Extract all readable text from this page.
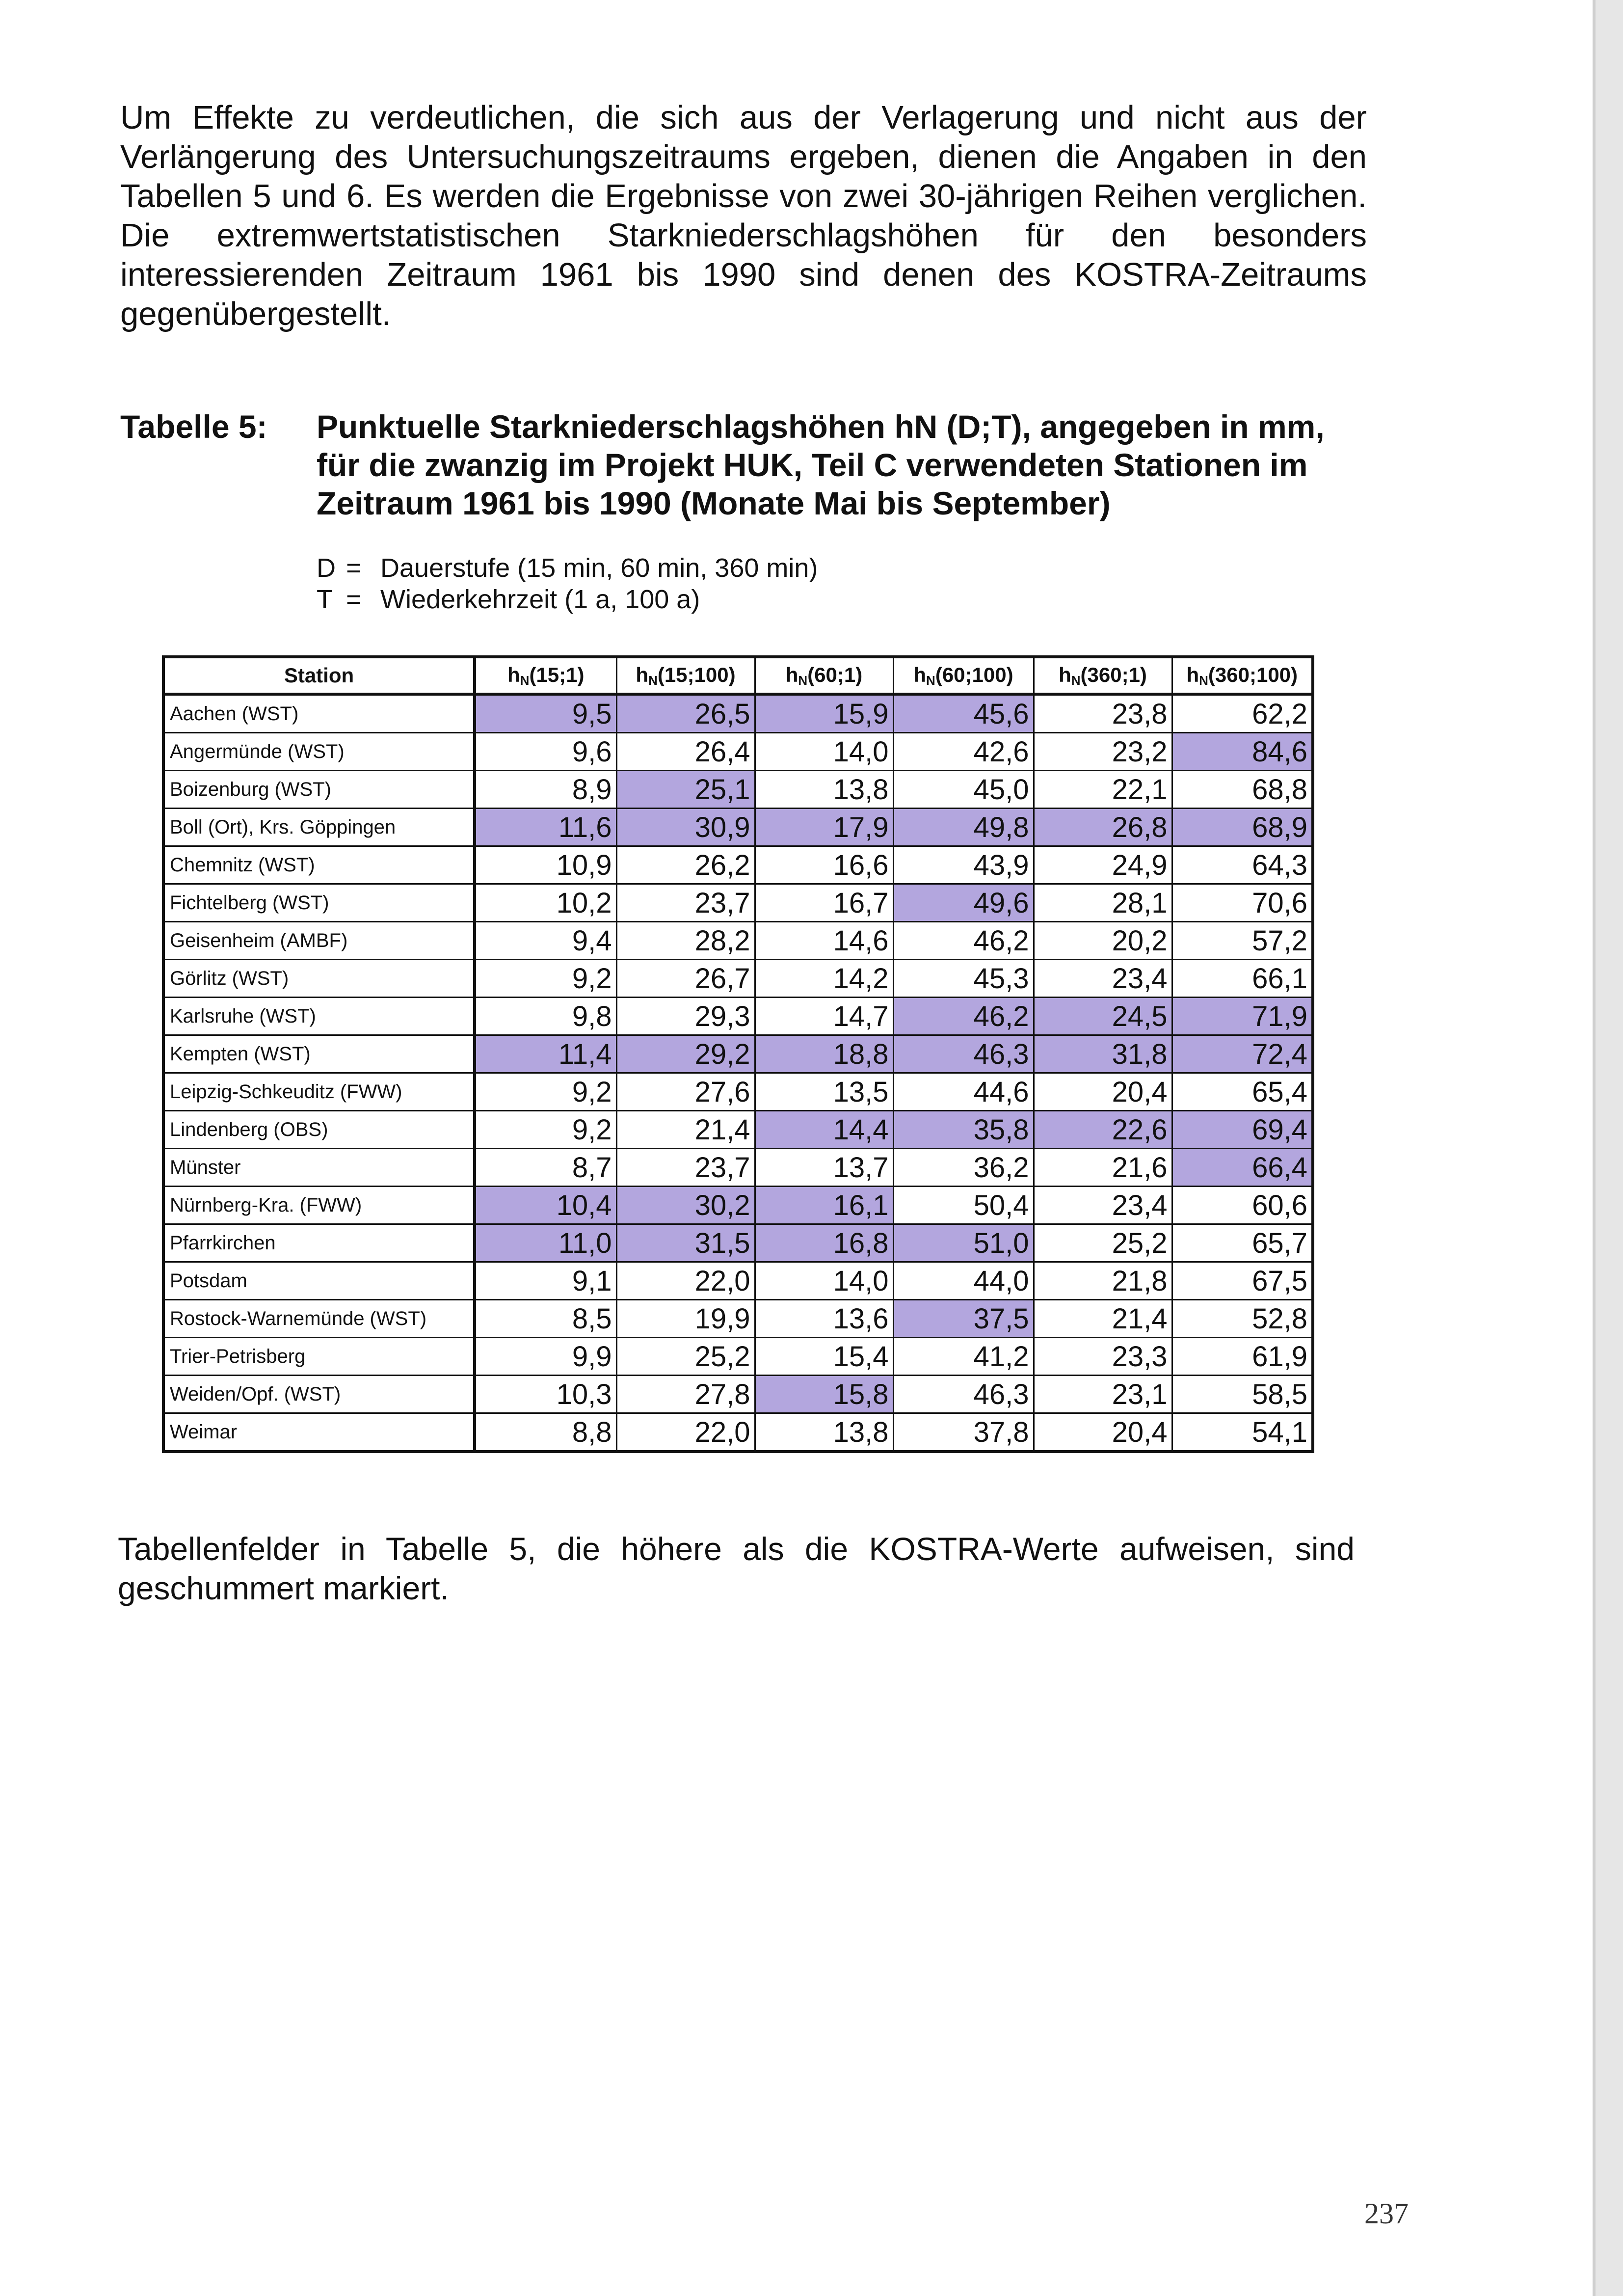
Um Effekte zu verdeutlichen, die sich aus der Verlagerung und nicht aus der Verlängerung des Untersuchungszeitraums ergeben, dienen die Angaben in den Tabellen 5 und 6. Es werden die Ergebnisse von zwei 30-jährigen Reihen verglichen. Die extremwertstatistischen Starkniederschlagshöhen für den besonders interessierenden Zeitraum 1961 bis 1990 sind denen des KOSTRA-Zeitraums gegenübergestellt.

Tabelle 5: Punktuelle Starkniederschlagshöhen hN (D;T), angegeben in mm, für die zwanzig im Projekt HUK, Teil C verwendeten Stationen im Zeitraum 1961 bis 1990 (Monate Mai bis September)

D = Dauerstufe (15 min, 60 min, 360 min)
T = Wiederkehrzeit (1 a, 100 a)
Station	$h_N(15;1)$	$h_N(15;100)$	$h_N(60;1)$	$h_N(60;100)$	$h_N(360;1)$	$h_N(360;100)$
Aachen (WST)	9,5	26,5	15,9	45,6	23,8	62,2
Angermünde (WST)	9,6	26,4	14,0	42,6	23,2	84,6
Boizenburg (WST)	8,9	25,1	13,8	45,0	22,1	68,8
Boll (Ort), Krs. Göppingen	11,6	30,9	17,9	49,8	26,8	68,9
Chemnitz (WST)	10,9	26,2	16,6	43,9	24,9	64,3
Fichtelberg (WST)	10,2	23,7	16,7	49,6	28,1	70,6
Geisenheim (AMBF)	9,4	28,2	14,6	46,2	20,2	57,2
Görlitz (WST)	9,2	26,7	14,2	45,3	23,4	66,1
Karlsruhe (WST)	9,8	29,3	14,7	46,2	24,5	71,9
Kempten (WST)	11,4	29,2	18,8	46,3	31,8	72,4
Leipzig-Schkeuditz (FWW)	9,2	27,6	13,5	44,6	20,4	65,4
Lindenberg (OBS)	9,2	21,4	14,4	35,8	22,6	69,4
Münster	8,7	23,7	13,7	36,2	21,6	66,4
Nürnberg-Kra. (FWW)	10,4	30,2	16,1	50,4	23,4	60,6
Pfarrkirchen	11,0	31,5	16,8	51,0	25,2	65,7
Potsdam	9,1	22,0	14,0	44,0	21,8	67,5
Rostock-Warnemünde (WST)	8,5	19,9	13,6	37,5	21,4	52,8
Trier-Petrisberg	9,9	25,2	15,4	41,2	23,3	61,9
Weiden/Opf. (WST)	10,3	27,8	15,8	46,3	23,1	58,5
Weimar	8,8	22,0	13,8	37,8	20,4	54,1

Tabellenfelder in Tabelle 5, die höhere als die KOSTRA-Werte aufweisen, sind geschummert markiert.

237
